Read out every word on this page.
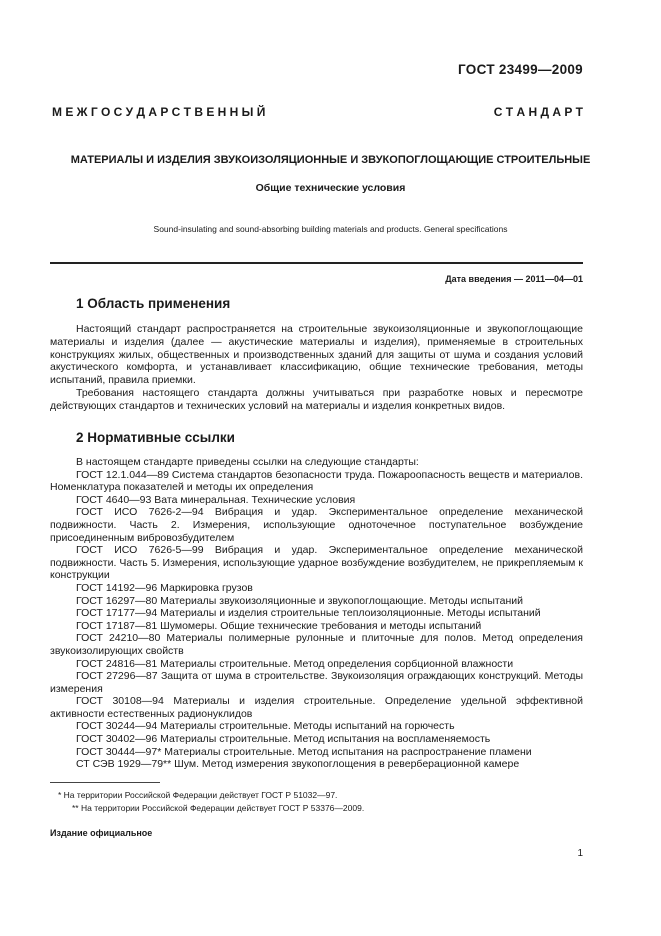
ГОСТ 23499—2009
М Е Ж Г О С У Д А Р С Т В Е Н Н Ы Й	С Т А Н Д А Р Т
МАТЕРИАЛЫ И ИЗДЕЛИЯ ЗВУКОИЗОЛЯЦИОННЫЕ И ЗВУКОПОГЛОЩАЮЩИЕ СТРОИТЕЛЬНЫЕ
Общие технические условия
Sound-insulating and sound-absorbing building materials and products. General specifications
Дата введения — 2011—04—01
1 Область применения

Настоящий стандарт распространяется на строительные звукоизоляционные и звукопоглощающие материалы и изделия (далее — акустические материалы и изделия), применяемые в строительных конструкциях жилых, общественных и производственных зданий для защиты от шума и создания условий акустического комфорта, и устанавливает классификацию, общие технические требования, методы испытаний, правила приемки.

Требования настоящего стандарта должны учитываться при разработке новых и пересмотре действующих стандартов и технических условий на материалы и изделия конкретных видов.

2 Нормативные ссылки

В настоящем стандарте приведены ссылки на следующие стандарты:

ГОСТ 12.1.044—89 Система стандартов безопасности труда. Пожароопасность веществ и материалов. Номенклатура показателей и методы их определения

ГОСТ 4640—93 Вата минеральная. Технические условия

ГОСТ ИСО 7626-2—94 Вибрация и удар. Экспериментальное определение механической подвижности. Часть 2. Измерения, использующие одноточечное поступательное возбуждение присоединенным вибровозбудителем

ГОСТ ИСО 7626-5—99 Вибрация и удар. Экспериментальное определение механической подвижности. Часть 5. Измерения, использующие ударное возбуждение возбудителем, не прикрепляемым к конструкции

ГОСТ 14192—96 Маркировка грузов

ГОСТ 16297—80 Материалы звукоизоляционные и звукопоглощающие. Методы испытаний

ГОСТ 17177—94 Материалы и изделия строительные теплоизоляционные. Методы испытаний

ГОСТ 17187—81 Шумомеры. Общие технические требования и методы испытаний

ГОСТ 24210—80 Материалы полимерные рулонные и плиточные для полов. Метод определения звукоизолирующих свойств

ГОСТ 24816—81 Материалы строительные. Метод определения сорбционной влажности

ГОСТ 27296—87 Защита от шума в строительстве. Звукоизоляция ограждающих конструкций. Методы измерения

ГОСТ 30108—94 Материалы и изделия строительные. Определение удельной эффективной активности естественных радионуклидов

ГОСТ 30244—94 Материалы строительные. Методы испытаний на горючесть

ГОСТ 30402—96 Материалы строительные. Метод испытания на воспламеняемость

ГОСТ 30444—97* Материалы строительные. Метод испытания на распространение пламени

СТ СЭВ 1929—79** Шум. Метод измерения звукопоглощения в реверберационной камере

* На территории Российской Федерации действует ГОСТ Р 51032—97.
** На территории Российской Федерации действует ГОСТ Р 53376—2009.
Издание официальное
1
